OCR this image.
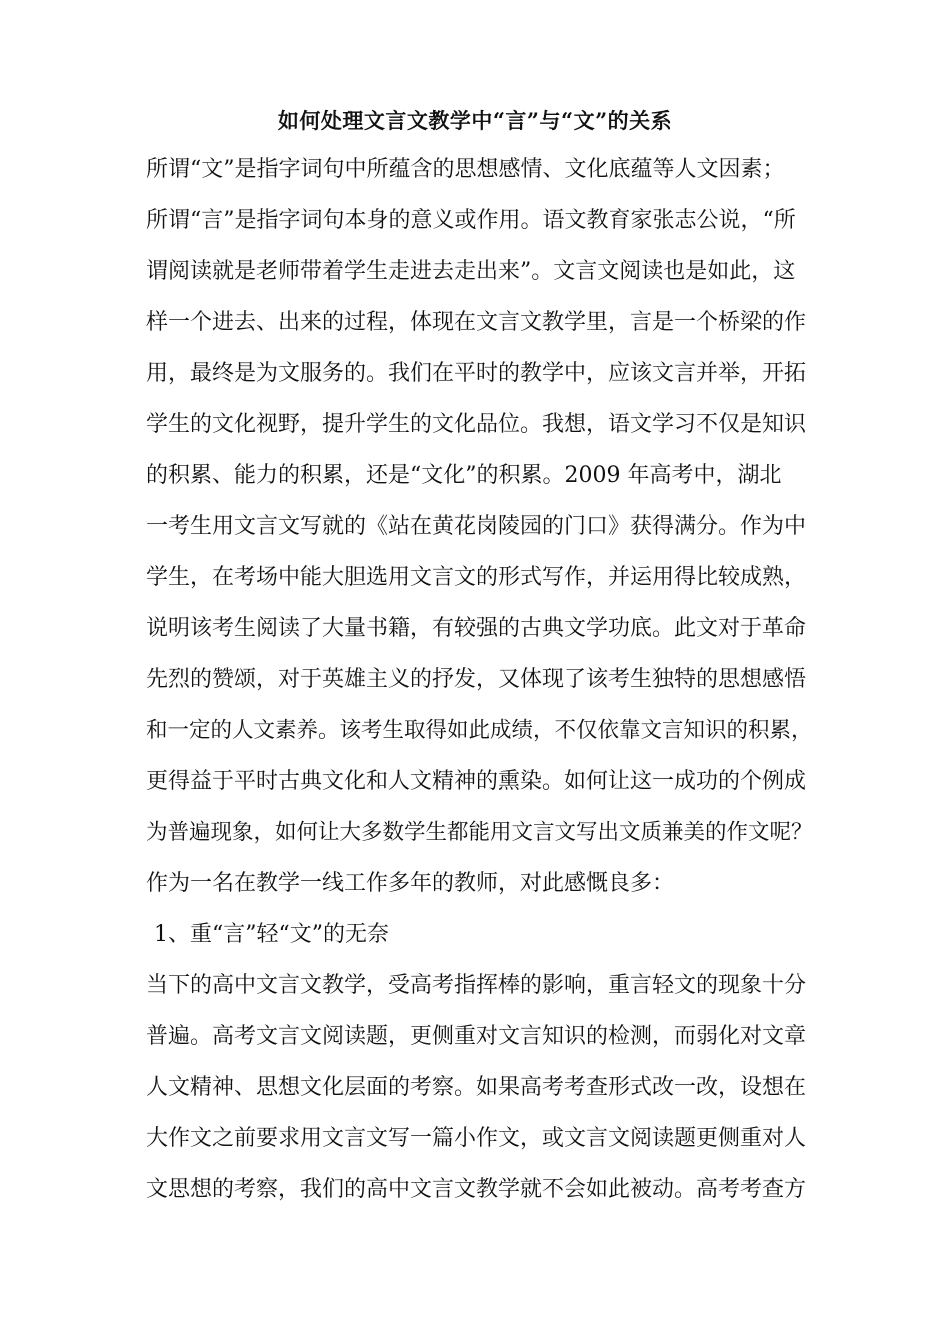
如何处理文言文教学中“言”与“文”的关系
所谓“文”是指字词句中所蕴含的思想感情、文化底蕴等人文因素；
所谓“言”是指字词句本身的意义或作用。语文教育家张志公说，“所
谓阅读就是老师带着学生走进去走出来”。文言文阅读也是如此，这
样一个进去、出来的过程，体现在文言文教学里，言是一个桥梁的作
用，最终是为文服务的。我们在平时的教学中，应该文言并举，开拓
学生的文化视野，提升学生的文化品位。我想，语文学习不仅是知识
的积累、能力的积累，还是“文化”的积累。2009 年高考中，湖北
一考生用文言文写就的《站在黄花岗陵园的门口》获得满分。作为中
学生，在考场中能大胆选用文言文的形式写作，并运用得比较成熟，
说明该考生阅读了大量书籍，有较强的古典文学功底。此文对于革命
先烈的赞颂，对于英雄主义的抒发，又体现了该考生独特的思想感悟
和一定的人文素养。该考生取得如此成绩，不仅依靠文言知识的积累，
更得益于平时古典文化和人文精神的熏染。如何让这一成功的个例成
为普遍现象，如何让大多数学生都能用文言文写出文质兼美的作文呢？
作为一名在教学一线工作多年的教师，对此感慨良多：
1、重“言”轻“文”的无奈
当下的高中文言文教学，受高考指挥棒的影响，重言轻文的现象十分
普遍。高考文言文阅读题，更侧重对文言知识的检测，而弱化对文章
人文精神、思想文化层面的考察。如果高考考查形式改一改，设想在
大作文之前要求用文言文写一篇小作文，或文言文阅读题更侧重对人
文思想的考察，我们的高中文言文教学就不会如此被动。高考考查方
